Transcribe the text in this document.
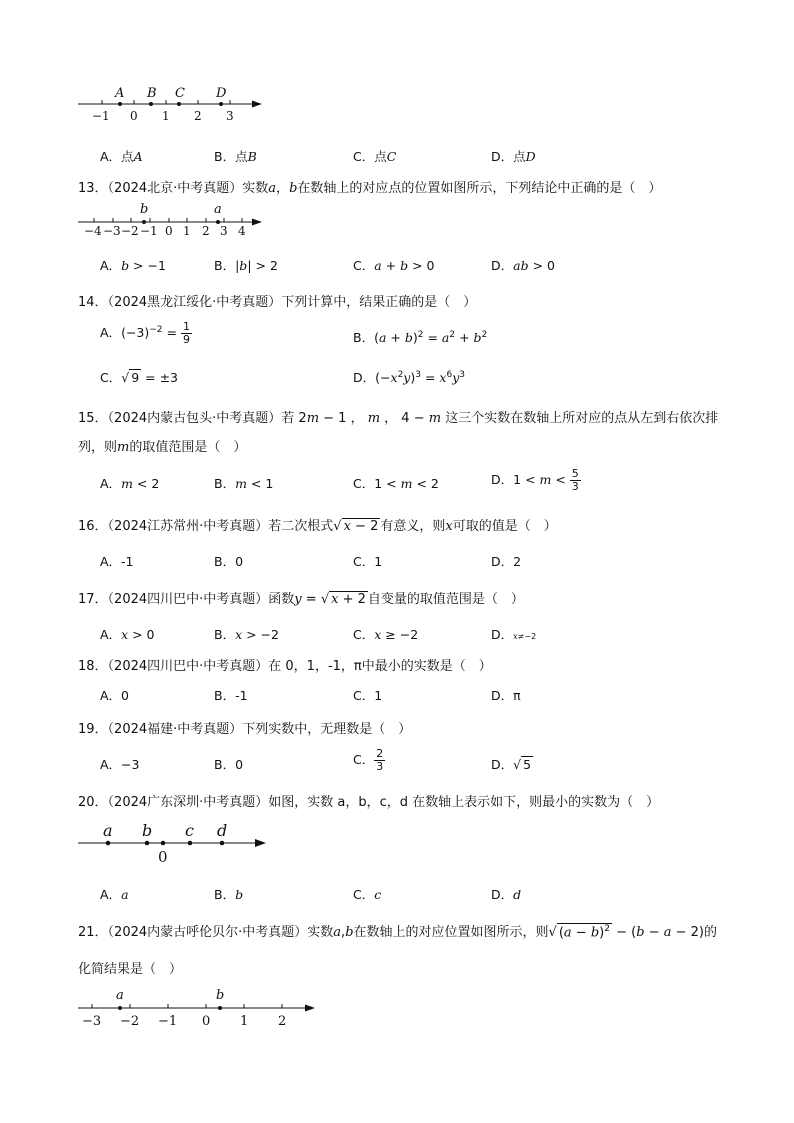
A B C D
−1 0 1 2 3
A．点A	B．点B	C．点C	D．点D
13．（2024北京·中考真题）实数a，b在数轴上的对应点的位置如图所示，下列结论中正确的是（　）
b	a
−4 −3 −2 −1 0 1 2 3 4
A．b > −1	B．|b| > 2	C．a + b > 0	D．ab > 0
14．（2024黑龙江绥化·中考真题）下列计算中，结果正确的是（　）
A．$(-3)^{-2} = \frac{1}{9}$	B．$(a + b)^2 = a^2 + b^2$
C．√ 9 = ±3	D．$(-x^2y)^3 = x^6y^3$
15．（2024内蒙古包头·中考真题）若 2m − 1 ， m ， 4 − m 这三个实数在数轴上所对应的点从左到右依次排
列，则m的取值范围是（　）
A．m < 2	B．m < 1	C．1 < m < 2	D．$1 < m < \frac{5}{3}$
16．（2024江苏常州·中考真题）若二次根式√ x − 2 有意义，则x可取的值是（　）
A．-1	B．0	C．1	D．2
17．（2024四川巴中·中考真题）函数y = √ x + 2 自变量的取值范围是（　）
A．x > 0	B．x > −2	C．x ≥ −2	D．x≠−2
18．（2024四川巴中·中考真题）在 0，1，-1，π中最小的实数是（　）
A．0	B．-1	C．1	D．π
19．（2024福建·中考真题）下列实数中，无理数是（　）
A．−3	B．0	C． $\frac{2}{3}$	D．√ 5
20．（2024广东深圳·中考真题）如图，实数 a，b，c，d 在数轴上表示如下，则最小的实数为（　）
a b c d
0
A．a	B．b	C．c	D．d
21．（2024内蒙古呼伦贝尔·中考真题）实数a,b在数轴上的对应位置如图所示，则√ $(a - b)^2 - (b - a - 2)$的
化简结果是（　）
a	b
−3 −2 −1 0 1 2
